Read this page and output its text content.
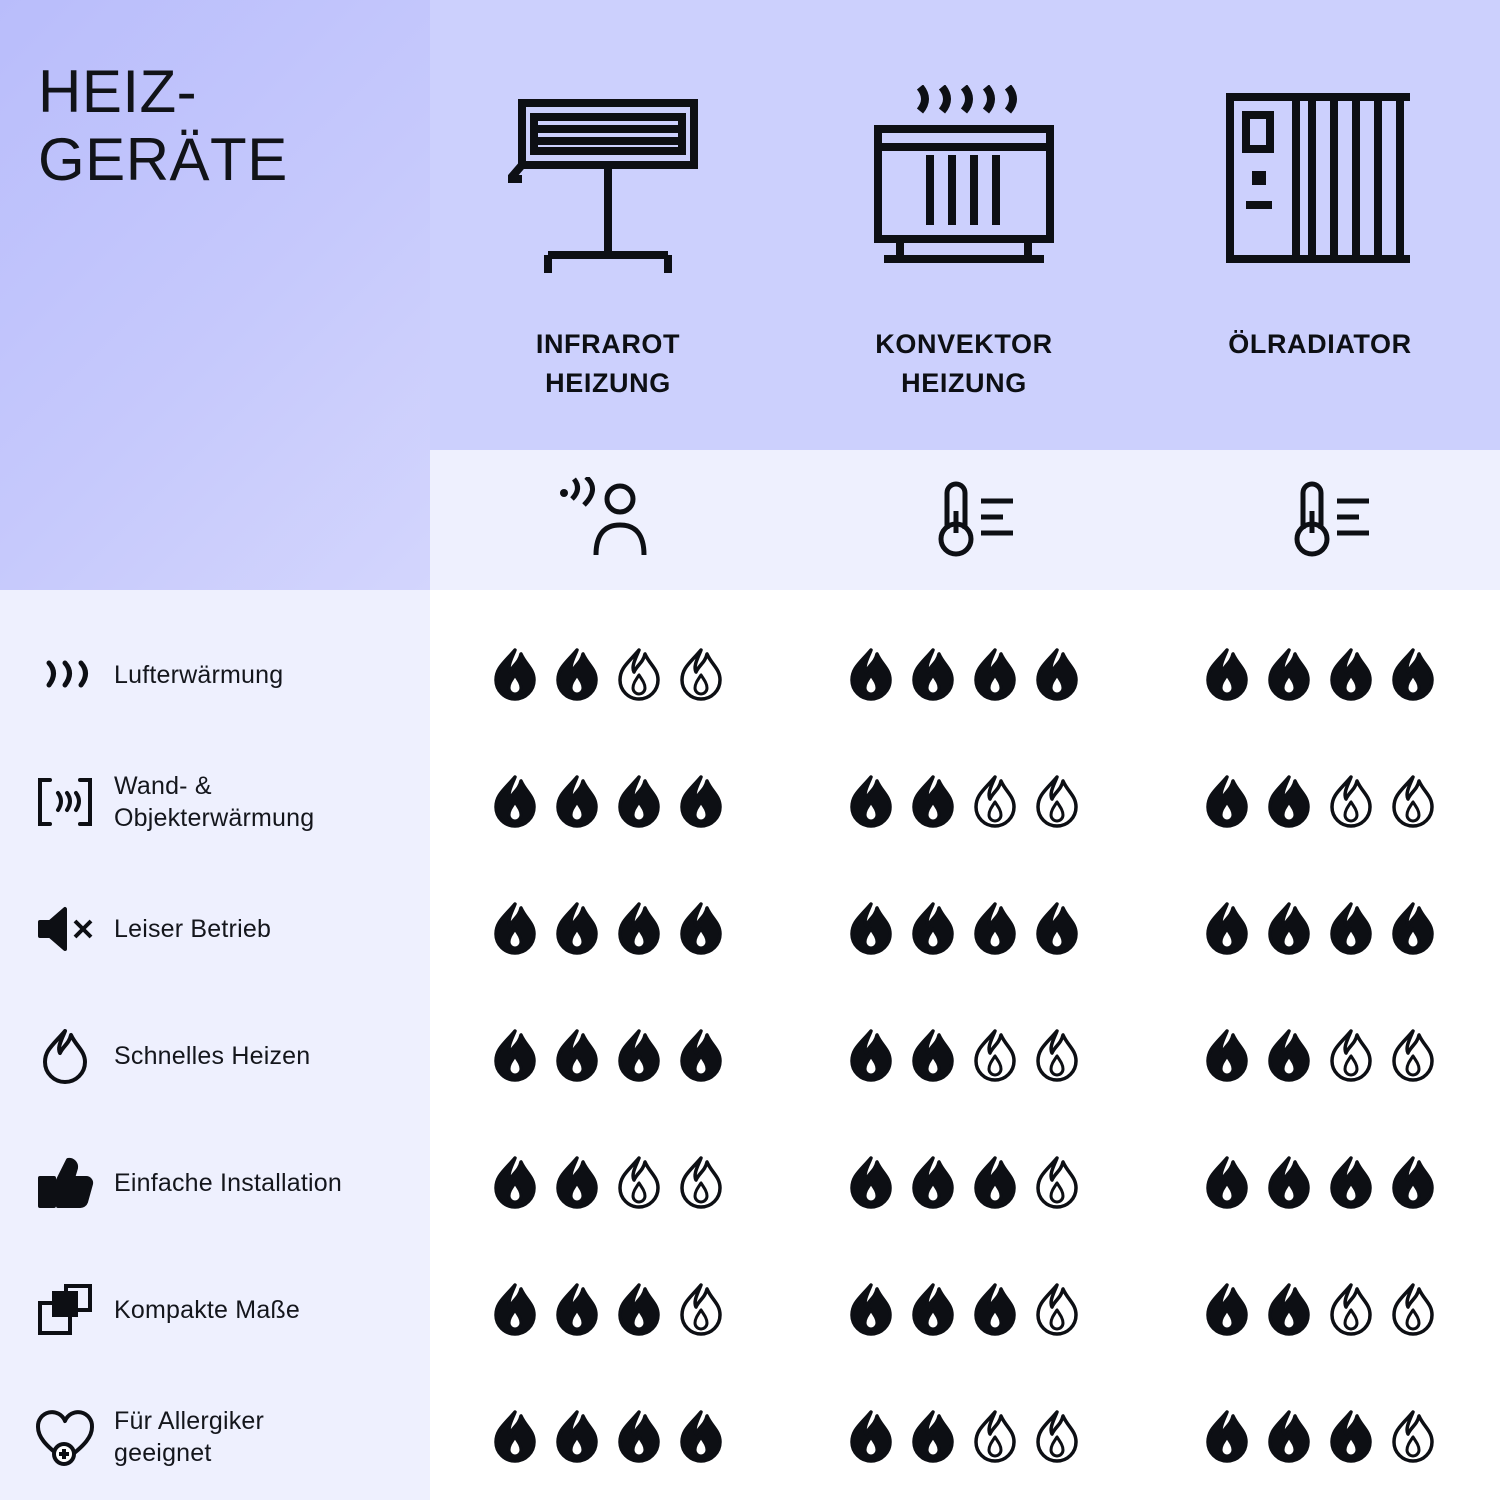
HEIZ-
GERÄTE
INFRAROT
HEIZUNG
KONVEKTOR
HEIZUNG
ÖLRADIATOR
Lufterwärmung
Wand- &
Objekterwärmung
Leiser Betrieb
Schnelles Heizen
Einfache Installation
Kompakte Maße
Für Allergiker
geeignet
